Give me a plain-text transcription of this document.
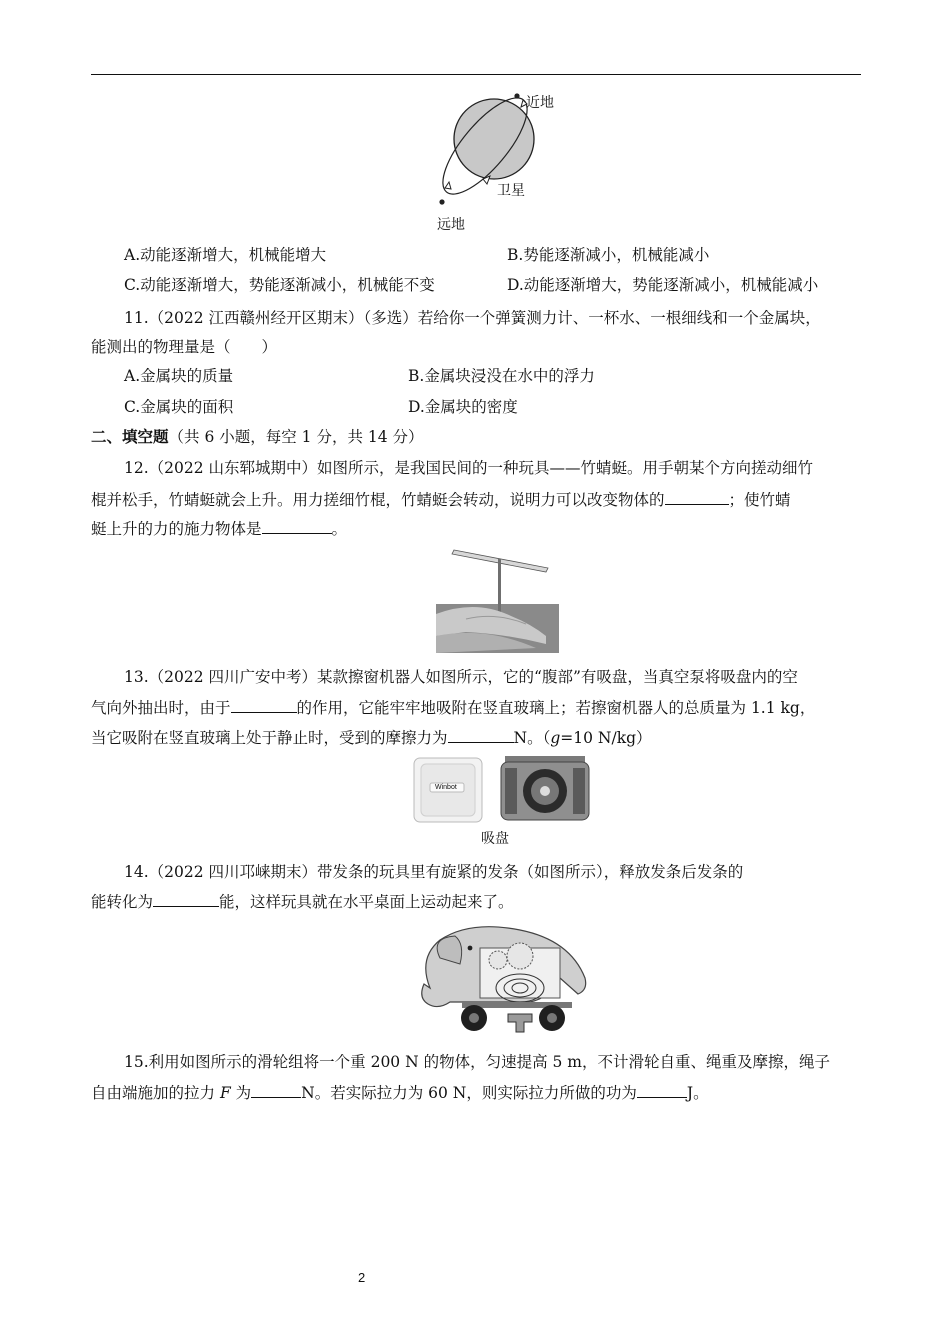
近地
卫星
远地
A.动能逐渐增大，机械能增大	B.势能逐渐减小，机械能减小
C.动能逐渐增大，势能逐渐减小，机械能不变	D.动能逐渐增大，势能逐渐减小，机械能减小
11.（2022 江西赣州经开区期末）（多选）若给你一个弹簧测力计、一杯水、一根细线和一个金属块，
能测出的物理量是（　　）
A.金属块的质量	B.金属块浸没在水中的浮力
C.金属块的面积	D.金属块的密度
二、填空题（共 6 小题，每空 1 分，共 14 分）
12.（2022 山东郓城期中）如图所示，是我国民间的一种玩具——竹蜻蜓。用手朝某个方向搓动细竹
棍并松手，竹蜻蜓就会上升。用力搓细竹棍，竹蜻蜓会转动，说明力可以改变物体的	；使竹蜻
蜓上升的力的施力物体是	。
13.（2022 四川广安中考）某款擦窗机器人如图所示，它的“腹部”有吸盘，当真空泵将吸盘内的空
气向外抽出时，由于	的作用，它能牢牢地吸附在竖直玻璃上；若擦窗机器人的总质量为 1.1 kg，
当它吸附在竖直玻璃上处于静止时，受到的摩擦力为	N。（g=10 N/kg）
Winbot
吸盘
14.（2022 四川邛崃期末）带发条的玩具里有旋紧的发条（如图所示），释放发条后发条的
能转化为	能，这样玩具就在水平桌面上运动起来了。
15.利用如图所示的滑轮组将一个重 200 N 的物体，匀速提高 5 m，不计滑轮自重、绳重及摩擦，绳子
自由端施加的拉力 F 为	N。若实际拉力为 60 N，则实际拉力所做的功为	J。
2
